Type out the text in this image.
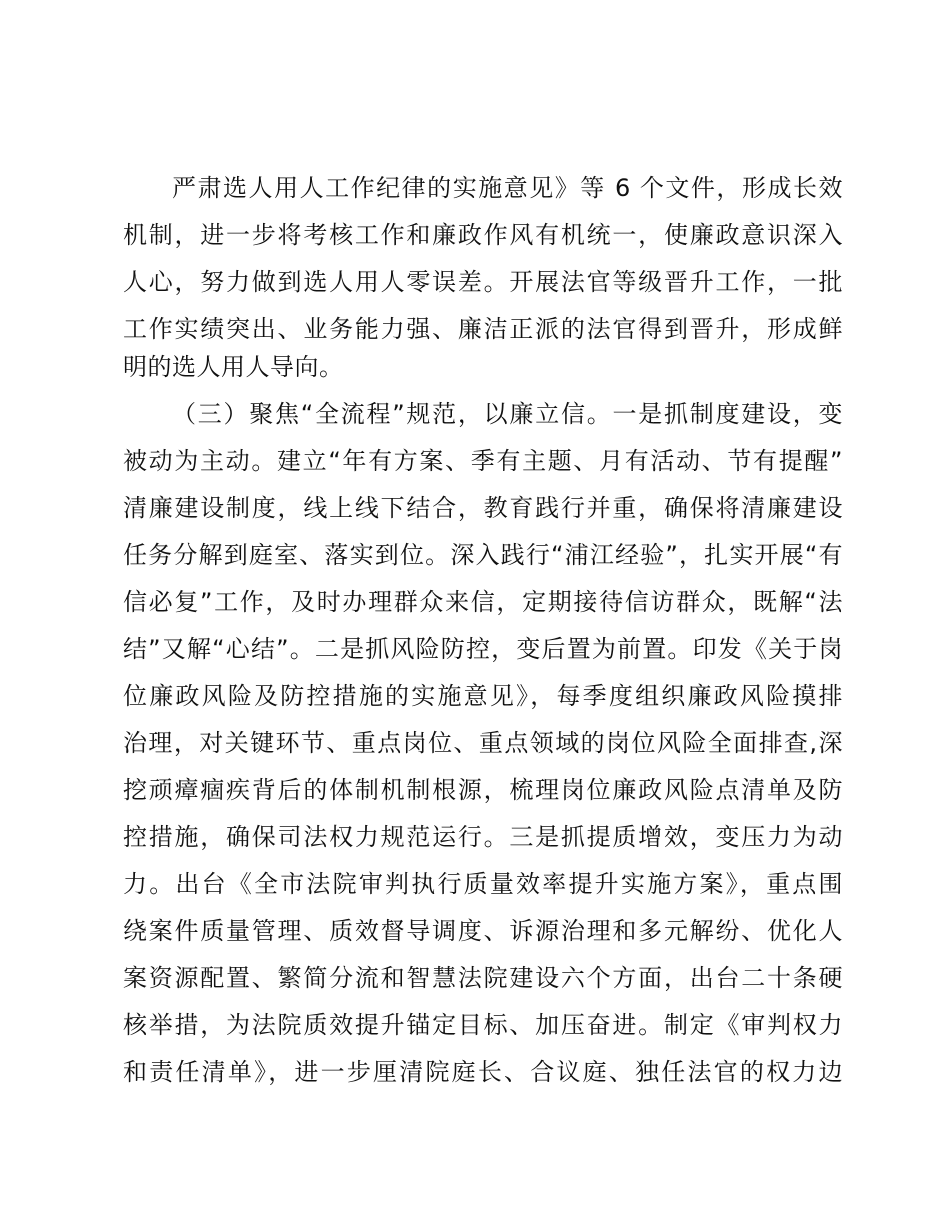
严肃选人用人工作纪律的实施意见》等 6 个文件，形成长效
机制，进一步将考核工作和廉政作风有机统一，使廉政意识深入
人心，努力做到选人用人零误差。开展法官等级晋升工作，一批
工作实绩突出、业务能力强、廉洁正派的法官得到晋升，形成鲜
明的选人用人导向。
（三）聚焦“全流程”规范，以廉立信。一是抓制度建设，变
被动为主动。建立“年有方案、季有主题、月有活动、节有提醒”
清廉建设制度，线上线下结合，教育践行并重，确保将清廉建设
任务分解到庭室、落实到位。深入践行“浦江经验”，扎实开展“有
信必复”工作，及时办理群众来信，定期接待信访群众，既解“法
结”又解“心结”。二是抓风险防控，变后置为前置。印发《关于岗
位廉政风险及防控措施的实施意见》，每季度组织廉政风险摸排
治理，对关键环节、重点岗位、重点领域的岗位风险全面排查,深
挖顽瘴痼疾背后的体制机制根源，梳理岗位廉政风险点清单及防
控措施，确保司法权力规范运行。三是抓提质增效，变压力为动
力。出台《全市法院审判执行质量效率提升实施方案》，重点围
绕案件质量管理、质效督导调度、诉源治理和多元解纷、优化人
案资源配置、繁简分流和智慧法院建设六个方面，出台二十条硬
核举措，为法院质效提升锚定目标、加压奋进。制定《审判权力
和责任清单》，进一步厘清院庭长、合议庭、独任法官的权力边
